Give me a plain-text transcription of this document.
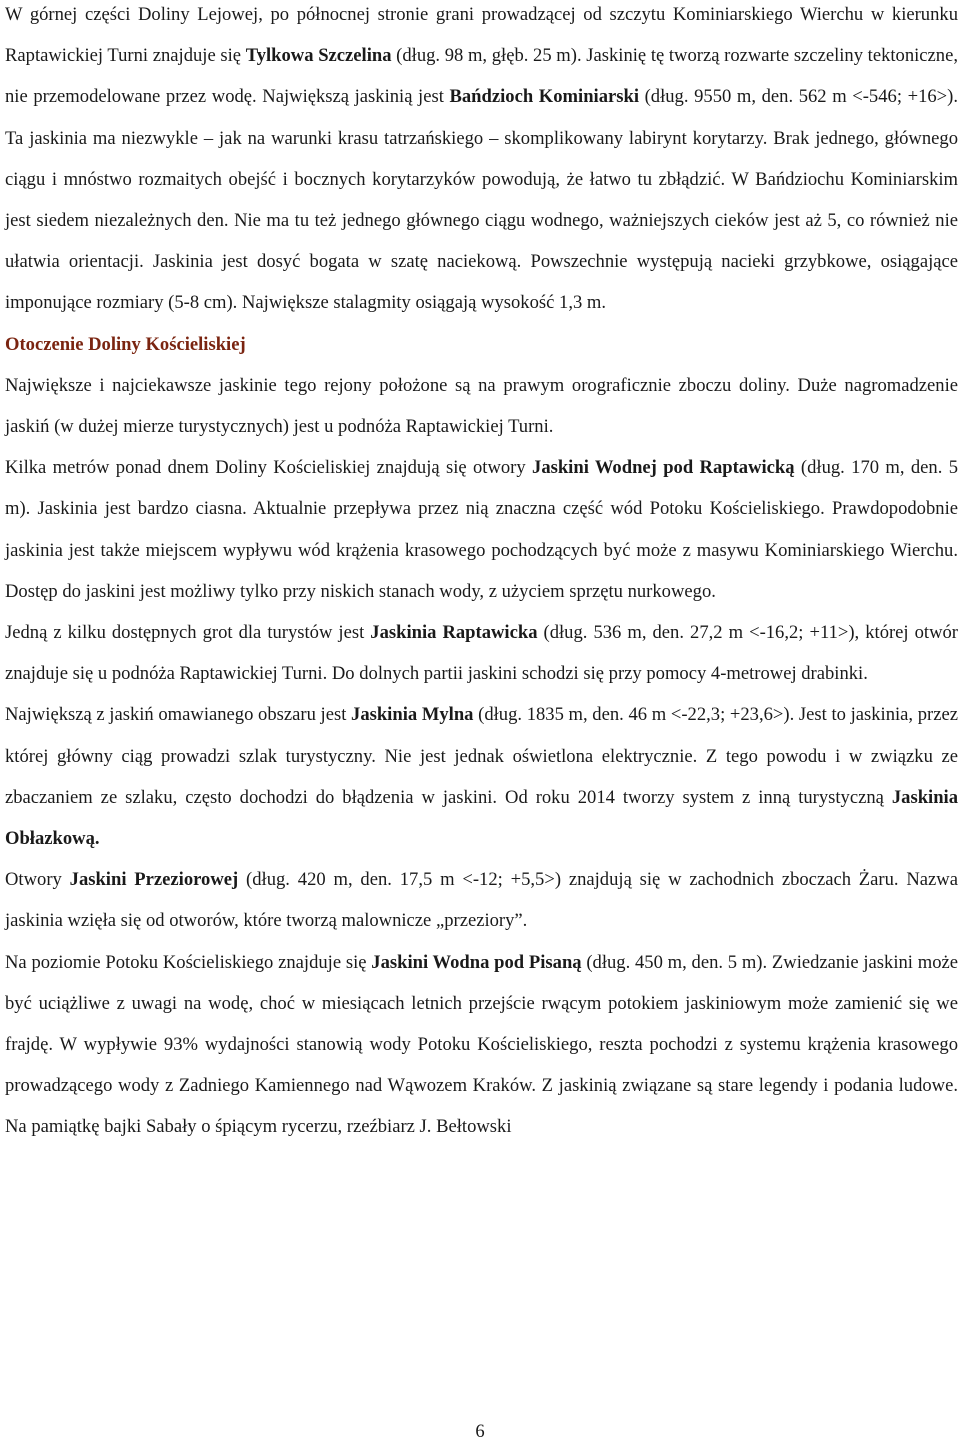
W górnej części Doliny Lejowej, po północnej stronie grani prowadzącej od szczytu Kominiarskiego Wierchu w kierunku Raptawickiej Turni znajduje się Tylkowa Szczelina (dług. 98 m, głęb. 25 m). Jaskinię tę tworzą rozwarte szczeliny tektoniczne, nie przemodelowane przez wodę. Największą jaskinią jest Bańdzioch Kominiarski (dług. 9550 m, den. 562 m <-546; +16>). Ta jaskinia ma niezwykle – jak na warunki krasu tatrzańskiego – skomplikowany labirynt korytarzy. Brak jednego, głównego ciągu i mnóstwo rozmaitych obejść i bocznych korytarzyków powodują, że łatwo tu zbłądzić. W Bańdziochu Kominiarskim jest siedem niezależnych den. Nie ma tu też jednego głównego ciągu wodnego, ważniejszych cieków jest aż 5, co również nie ułatwia orientacji. Jaskinia jest dosyć bogata w szatę naciekową. Powszechnie występują nacieki grzybkowe, osiągające imponujące rozmiary (5-8 cm). Największe stalagmity osiągają wysokość 1,3 m.

Otoczenie Doliny Kościeliskiej

Największe i najciekawsze jaskinie tego rejony położone są na prawym orograficznie zboczu doliny. Duże nagromadzenie jaskiń (w dużej mierze turystycznych) jest u podnóża Raptawickiej Turni.

Kilka metrów ponad dnem Doliny Kościeliskiej znajdują się otwory Jaskini Wodnej pod Raptawicką (dług. 170 m, den. 5 m). Jaskinia jest bardzo ciasna. Aktualnie przepływa przez nią znaczna część wód Potoku Kościeliskiego. Prawdopodobnie jaskinia jest także miejscem wypływu wód krążenia krasowego pochodzących być może z masywu Kominiarskiego Wierchu. Dostęp do jaskini jest możliwy tylko przy niskich stanach wody, z użyciem sprzętu nurkowego.

Jedną z kilku dostępnych grot dla turystów jest Jaskinia Raptawicka (dług. 536 m, den. 27,2 m <-16,2; +11>), której otwór znajduje się u podnóża Raptawickiej Turni. Do dolnych partii jaskini schodzi się przy pomocy 4-metrowej drabinki.

Największą z jaskiń omawianego obszaru jest Jaskinia Mylna (dług. 1835 m, den. 46 m <-22,3; +23,6>). Jest to jaskinia, przez której główny ciąg prowadzi szlak turystyczny. Nie jest jednak oświetlona elektrycznie. Z tego powodu i w związku ze zbaczaniem ze szlaku, często dochodzi do błądzenia w jaskini. Od roku 2014 tworzy system z inną turystyczną Jaskinia Obłazkową.

Otwory Jaskini Przeziorowej (dług. 420 m, den. 17,5 m <-12; +5,5>) znajdują się w zachodnich zboczach Żaru. Nazwa jaskinia wzięła się od otworów, które tworzą malownicze „przeziory”.

Na poziomie Potoku Kościeliskiego znajduje się Jaskini Wodna pod Pisaną (dług. 450 m, den. 5 m). Zwiedzanie jaskini może być uciążliwe z uwagi na wodę, choć w miesiącach letnich przejście rwącym potokiem jaskiniowym może zamienić się we frajdę. W wypływie 93% wydajności stanowią wody Potoku Kościeliskiego, reszta pochodzi z systemu krążenia krasowego prowadzącego wody z Zadniego Kamiennego nad Wąwozem Kraków. Z jaskinią związane są stare legendy i podania ludowe. Na pamiątkę bajki Sabały o śpiącym rycerzu, rzeźbiarz J. Bełtowski

6
